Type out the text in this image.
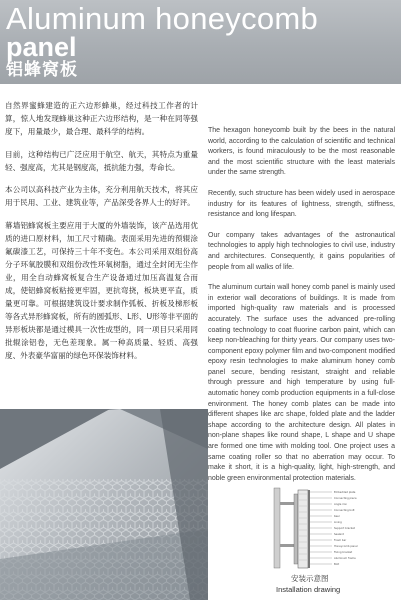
Aluminum honeycomb
panel
铝蜂窝板

自然界蜜蜂建造的正六边形蜂巢，经过科技工作者的计算，惊人地发现蜂巢这种正六边形结构，是一种在同等强度下，用量最少，最合理、最科学的结构。

目前，这种结构已广泛应用于航空、航天，其特点为重量轻、强度高，尤其是钢度高，抵抗能力强，寿命长。

本公司以高科技产业为主体，充分利用航天技术，将其应用于民用、工业、建筑业等，产品深受各界人士的好评。

幕墙铝蜂窝板主要应用于大厦的外墙装饰，该产品选用优质的进口原材料，加工尺寸精确。表面采用先进的预辊涂氟碳漆工艺，可保持三十年不变色。本公司采用双组份高分子环氧胶膜和双组份改性环氧树脂，通过全封闭无尘作业，用全自动蜂窝板复合生产设备通过加压高温复合而成，使铝蜂窝板粘接更牢固，更抗弯挠，板块更平直，质量更可靠。可根据建筑设计要求制作弧板、折板及梯形板等各式异形蜂窝板，所有的圆弧形、L形、U形等非平面的异形板块都是通过模具一次性成型的，同一项目只采用同批辊涂铝卷，无色差现象。属一种高质量、轻质、高强度、外表豪华富丽的绿色环保装饰材料。

The hexagon honeycomb built by the bees in the natural world, according to the calculation of scientific and technical workers, is found miraculously to be the most reasonable and the most scientific structure with the least materials under the same strength.

Recently, such structure has been widely used in aerospace industry for its features of lightness, strength, stiffness, resistance and long lifespan.

Our company takes advantages of the astronautical technologies to apply high technologies to civil use, industry and architectures. Consequently, it gains popularities of people from all walks of life.

The aluminum curtain wall honey comb panel is mainly used in exterior wall decorations of buildings. It is made from imported high-quality raw materials and is processed accurately. The surface uses the advanced pre-rolling coating technology to coat fluorine carbon paint, which can keep non-bleaching for thirty years. Our company uses two-component epoxy polymer film and two-component modified epoxy resin technologies to make aluminum honey comb panel secure, bending resistant, straight and reliable through pressure and high temperature by using full-automatic honey comb production equipments in a full-close environment. The honey comb plates can be made into different shapes like arc shape, folded plate and the ladder shape according to the architecture design. All plates in non-plane shapes like round shape, L shape and U shape are formed one time with molding tool. One project uses a same coating roller so that no aberration may occur. To make it short, it is a high-quality, light, high-strength, and noble green environmental protection materials.

Embedded plate
Connecting piece
Angle iron
Connecting bolt
Keel
Lining
Support bracket
Sealant
Foam bar
Honeycomb panel
Fixing bracket
Aluminum frame
Bolt
安装示意图
Installation drawing
